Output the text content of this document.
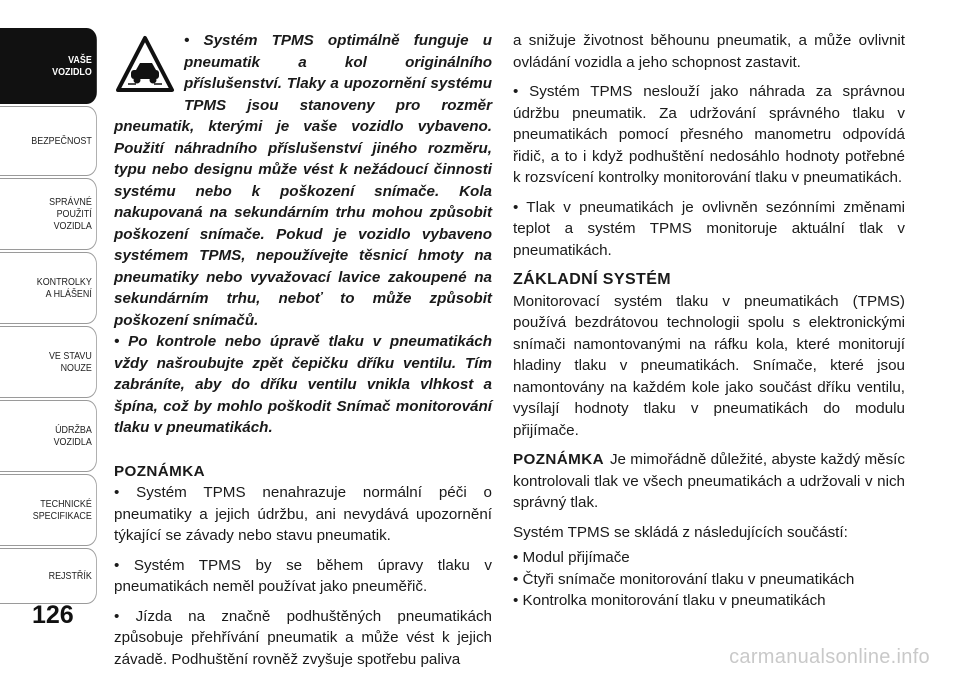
VAŠE
VOZIDLO
BEZPEČNOST
SPRÁVNÉ
POUŽITÍ
VOZIDLA
KONTROLKY
A HLÁŠENÍ
VE STAVU
NOUZE
ÚDRŽBA
VOZIDLA
TECHNICKÉ
SPECIFIKACE
REJSTŘÍK
126

• Systém TPMS optimálně funguje u pneumatik a kol originálního příslušenství. Tlaky a upozornění systému TPMS jsou stanoveny pro rozměr pneumatik, kterými je vaše vozidlo vybaveno. Použití náhradního příslušenství jiného rozměru, typu nebo designu může vést k nežádoucí činnosti systému nebo k poškození snímače. Kola nakupovaná na sekundárním trhu mohou způsobit poškození snímače. Pokud je vozidlo vybaveno systémem TPMS, nepoužívejte těsnicí hmoty na pneumatiky nebo vyvažovací lavice zakoupené na sekundárním trhu, neboť to může způsobit poškození snímačů.

• Po kontrole nebo úpravě tlaku v pneumatikách vždy našroubujte zpět čepičku dříku ventilu. Tím zabráníte, aby do dříku ventilu vnikla vlhkost a špína, což by mohlo poškodit Snímač monitorování tlaku v pneumatikách.

POZNÁMKA

• Systém TPMS nenahrazuje normální péči o pneumatiky a jejich údržbu, ani nevydává upozornění týkající se závady nebo stavu pneumatik.

• Systém TPMS by se během úpravy tlaku v pneumatikách neměl používat jako pneuměřič.

• Jízda na značně podhuštěných pneumatikách způsobuje přehřívání pneumatik a může vést k jejich závadě. Podhuštění rovněž zvyšuje spotřebu paliva

a snižuje životnost běhounu pneumatik, a může ovlivnit ovládání vozidla a jeho schopnost zastavit.

• Systém TPMS neslouží jako náhrada za správnou údržbu pneumatik. Za udržování správného tlaku v pneumatikách pomocí přesného manometru odpovídá řidič, a to i když podhuštění nedosáhlo hodnoty potřebné k rozsvícení kontrolky monitorování tlaku v pneumatikách.

• Tlak v pneumatikách je ovlivněn sezónními změnami teplot a systém TPMS monitoruje aktuální tlak v pneumatikách.

ZÁKLADNÍ SYSTÉM

Monitorovací systém tlaku v pneumatikách (TPMS) používá bezdrátovou technologii spolu s elektronickými snímači namontovanými na ráfku kola, které monitorují hladiny tlaku v pneumatikách. Snímače, které jsou namontovány na každém kole jako součást dříku ventilu, vysílají hodnoty tlaku v pneumatikách do modulu přijímače.

POZNÁMKA Je mimořádně důležité, abyste každý měsíc kontrolovali tlak ve všech pneumatikách a udržovali v nich správný tlak.

Systém TPMS se skládá z následujících součástí:

• Modul přijímače

• Čtyři snímače monitorování tlaku v pneumatikách

• Kontrolka monitorování tlaku v pneumatikách

carmanualsonline.info
